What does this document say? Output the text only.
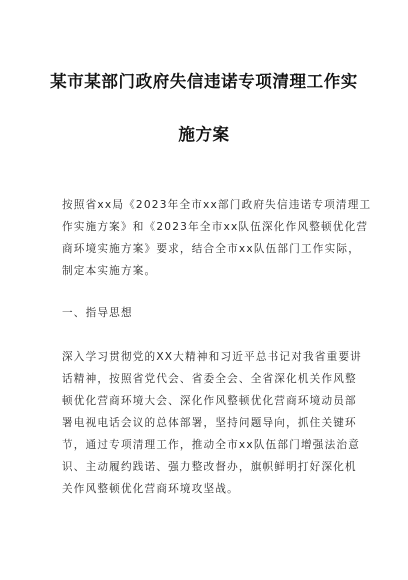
某市某部门政府失信违诺专项清理工作实
施方案
按照省xx局《2023年全市xx部门政府失信违诺专项清理工
作实施方案》和《2023年全市xx队伍深化作风整顿优化营
商环境实施方案》要求，结合全市xx队伍部门工作实际，
制定本实施方案。
一、指导思想
深入学习贯彻党的XX大精神和习近平总书记对我省重要讲
话精神，按照省党代会、省委全会、全省深化机关作风整
顿优化营商环境大会、深化作风整顿优化营商环境动员部
署电视电话会议的总体部署，坚持问题导向，抓住关键环
节，通过专项清理工作，推动全市xx队伍部门增强法治意
识、主动履约践诺、强力整改督办，旗帜鲜明打好深化机
关作风整顿优化营商环境攻坚战。
